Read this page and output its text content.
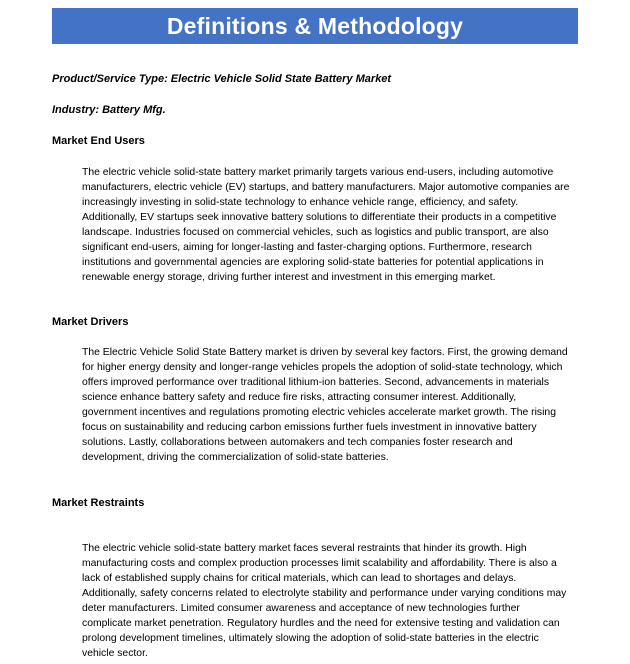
Definitions & Methodology
Product/Service Type: Electric Vehicle Solid State Battery Market
Industry: Battery Mfg.
Market End Users

The electric vehicle solid-state battery market primarily targets various end-users, including automotive manufacturers, electric vehicle (EV) startups, and battery manufacturers. Major automotive companies are increasingly investing in solid-state technology to enhance vehicle range, efficiency, and safety. Additionally, EV startups seek innovative battery solutions to differentiate their products in a competitive landscape. Industries focused on commercial vehicles, such as logistics and public transport, are also significant end-users, aiming for longer-lasting and faster-charging options. Furthermore, research institutions and governmental agencies are exploring solid-state batteries for potential applications in renewable energy storage, driving further interest and investment in this emerging market.

Market Drivers

The Electric Vehicle Solid State Battery market is driven by several key factors. First, the growing demand for higher energy density and longer-range vehicles propels the adoption of solid-state technology, which offers improved performance over traditional lithium-ion batteries. Second, advancements in materials science enhance battery safety and reduce fire risks, attracting consumer interest. Additionally, government incentives and regulations promoting electric vehicles accelerate market growth. The rising focus on sustainability and reducing carbon emissions further fuels investment in innovative battery solutions. Lastly, collaborations between automakers and tech companies foster research and development, driving the commercialization of solid-state batteries.

Market Restraints

The electric vehicle solid-state battery market faces several restraints that hinder its growth. High manufacturing costs and complex production processes limit scalability and affordability. There is also a lack of established supply chains for critical materials, which can lead to shortages and delays. Additionally, safety concerns related to electrolyte stability and performance under varying conditions may deter manufacturers. Limited consumer awareness and acceptance of new technologies further complicate market penetration. Regulatory hurdles and the need for extensive testing and validation can prolong development timelines, ultimately slowing the adoption of solid-state batteries in the electric vehicle sector.
